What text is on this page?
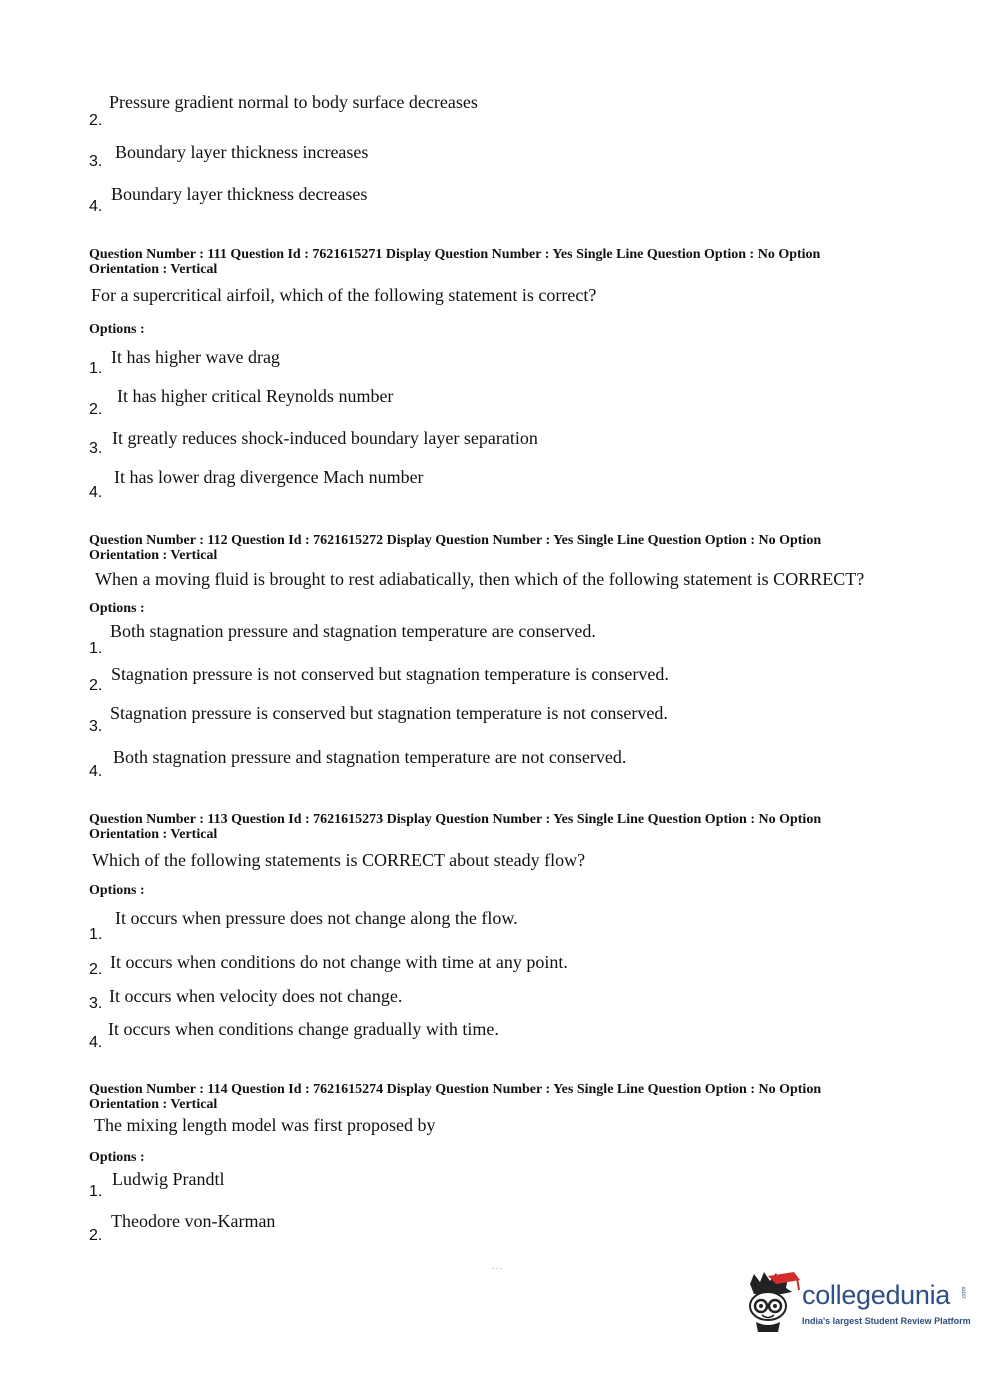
Pressure gradient normal to body surface decreases
2.
Boundary layer thickness increases
3.
Boundary layer thickness decreases
4.
Question Number : 111 Question Id : 7621615271 Display Question Number : Yes Single Line Question Option : No Option Orientation : Vertical
For a supercritical airfoil, which of the following statement is correct?
Options :
It has higher wave drag
1.
It has higher critical Reynolds number
2.
It greatly reduces shock-induced boundary layer separation
3.
It has lower drag divergence Mach number
4.
Question Number : 112 Question Id : 7621615272 Display Question Number : Yes Single Line Question Option : No Option Orientation : Vertical
When a moving fluid is brought to rest adiabatically, then which of the following statement is CORRECT?
Options :
Both stagnation pressure and stagnation temperature are conserved.
1.
Stagnation pressure is not conserved but stagnation temperature is conserved.
2.
Stagnation pressure is conserved but stagnation temperature is not conserved.
3.
Both stagnation pressure and stagnation temperature are not conserved.
4.
Question Number : 113 Question Id : 7621615273 Display Question Number : Yes Single Line Question Option : No Option Orientation : Vertical
Which of the following statements is CORRECT about steady flow?
Options :
It occurs when pressure does not change along the flow.
1.
It occurs when conditions do not change with time at any point.
2.
It occurs when velocity does not change.
3.
It occurs when conditions change gradually with time.
4.
Question Number : 114 Question Id : 7621615274 Display Question Number : Yes Single Line Question Option : No Option Orientation : Vertical
The mixing length model was first proposed by
Options :
Ludwig Prandtl
1.
Theodore von-Karman
2.
. . .
collegedunia .com
India's largest Student Review Platform
